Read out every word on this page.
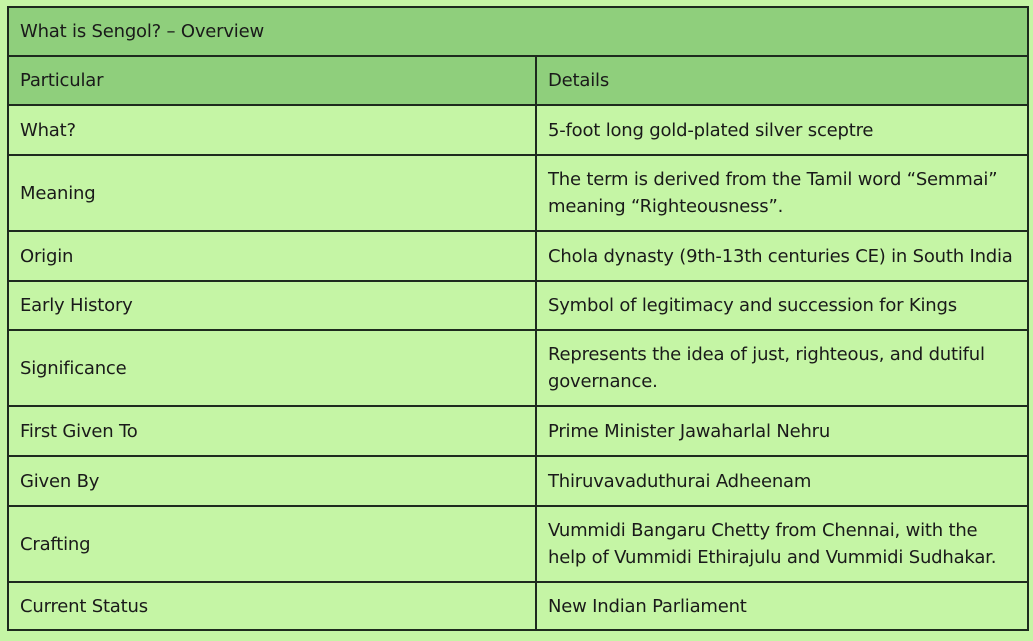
What is Sengol? – Overview	
Particular	Details
What?	5-foot long gold-plated silver sceptre
Meaning	The term is derived from the Tamil word “Semmai” meaning “Righteousness”.
Origin	Chola dynasty (9th-13th centuries CE) in South India
Early History	Symbol of legitimacy and succession for Kings
Significance	Represents the idea of just, righteous, and dutiful governance.
First Given To	Prime Minister Jawaharlal Nehru
Given By	Thiruvavaduthurai Adheenam
Crafting	Vummidi Bangaru Chetty from Chennai, with the help of Vummidi Ethirajulu and Vummidi Sudhakar.
Current Status	New Indian Parliament
